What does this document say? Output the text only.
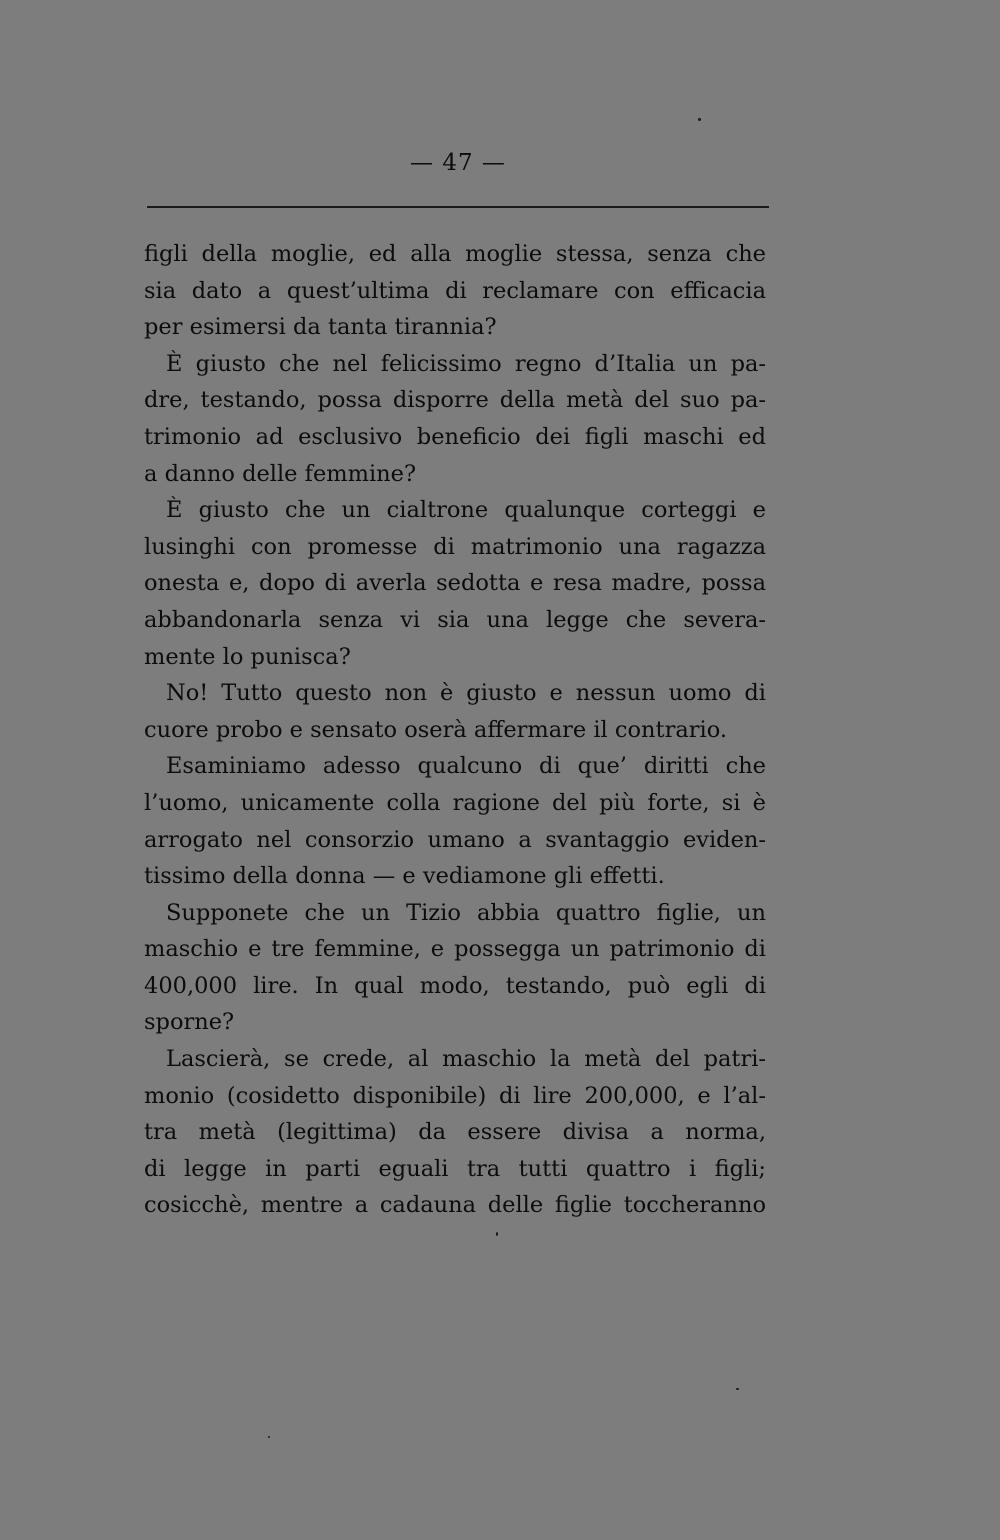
— 47 —
figli della moglie, ed alla moglie stessa, senza che
sia dato a quest’ultima di reclamare con efficacia
per esimersi da tanta tirannia?
È giusto che nel felicissimo regno d’Italia un pa-
dre, testando, possa disporre della metà del suo pa-
trimonio ad esclusivo beneficio dei figli maschi ed
a danno delle femmine?
È giusto che un cialtrone qualunque corteggi e
lusinghi con promesse di matrimonio una ragazza
onesta e, dopo di averla sedotta e resa madre, possa
abbandonarla senza vi sia una legge che severa-
mente lo punisca?
No! Tutto questo non è giusto e nessun uomo di
cuore probo e sensato oserà affermare il contrario.
Esaminiamo adesso qualcuno di que’ diritti che
l’uomo, unicamente colla ragione del più forte, si è
arrogato nel consorzio umano a svantaggio eviden-
tissimo della donna — e vediamone gli effetti.
Supponete che un Tizio abbia quattro figlie, un
maschio e tre femmine, e possegga un patrimonio di
400,000 lire. In qual modo, testando, può egli di
sporne?
Lascierà, se crede, al maschio la metà del patri-
monio (cosidetto disponibile) di lire 200,000, e l’al-
tra metà (legittima) da essere divisa a norma,
di legge in parti eguali tra tutti quattro i figli;
cosicchè, mentre a cadauna delle figlie toccheranno
